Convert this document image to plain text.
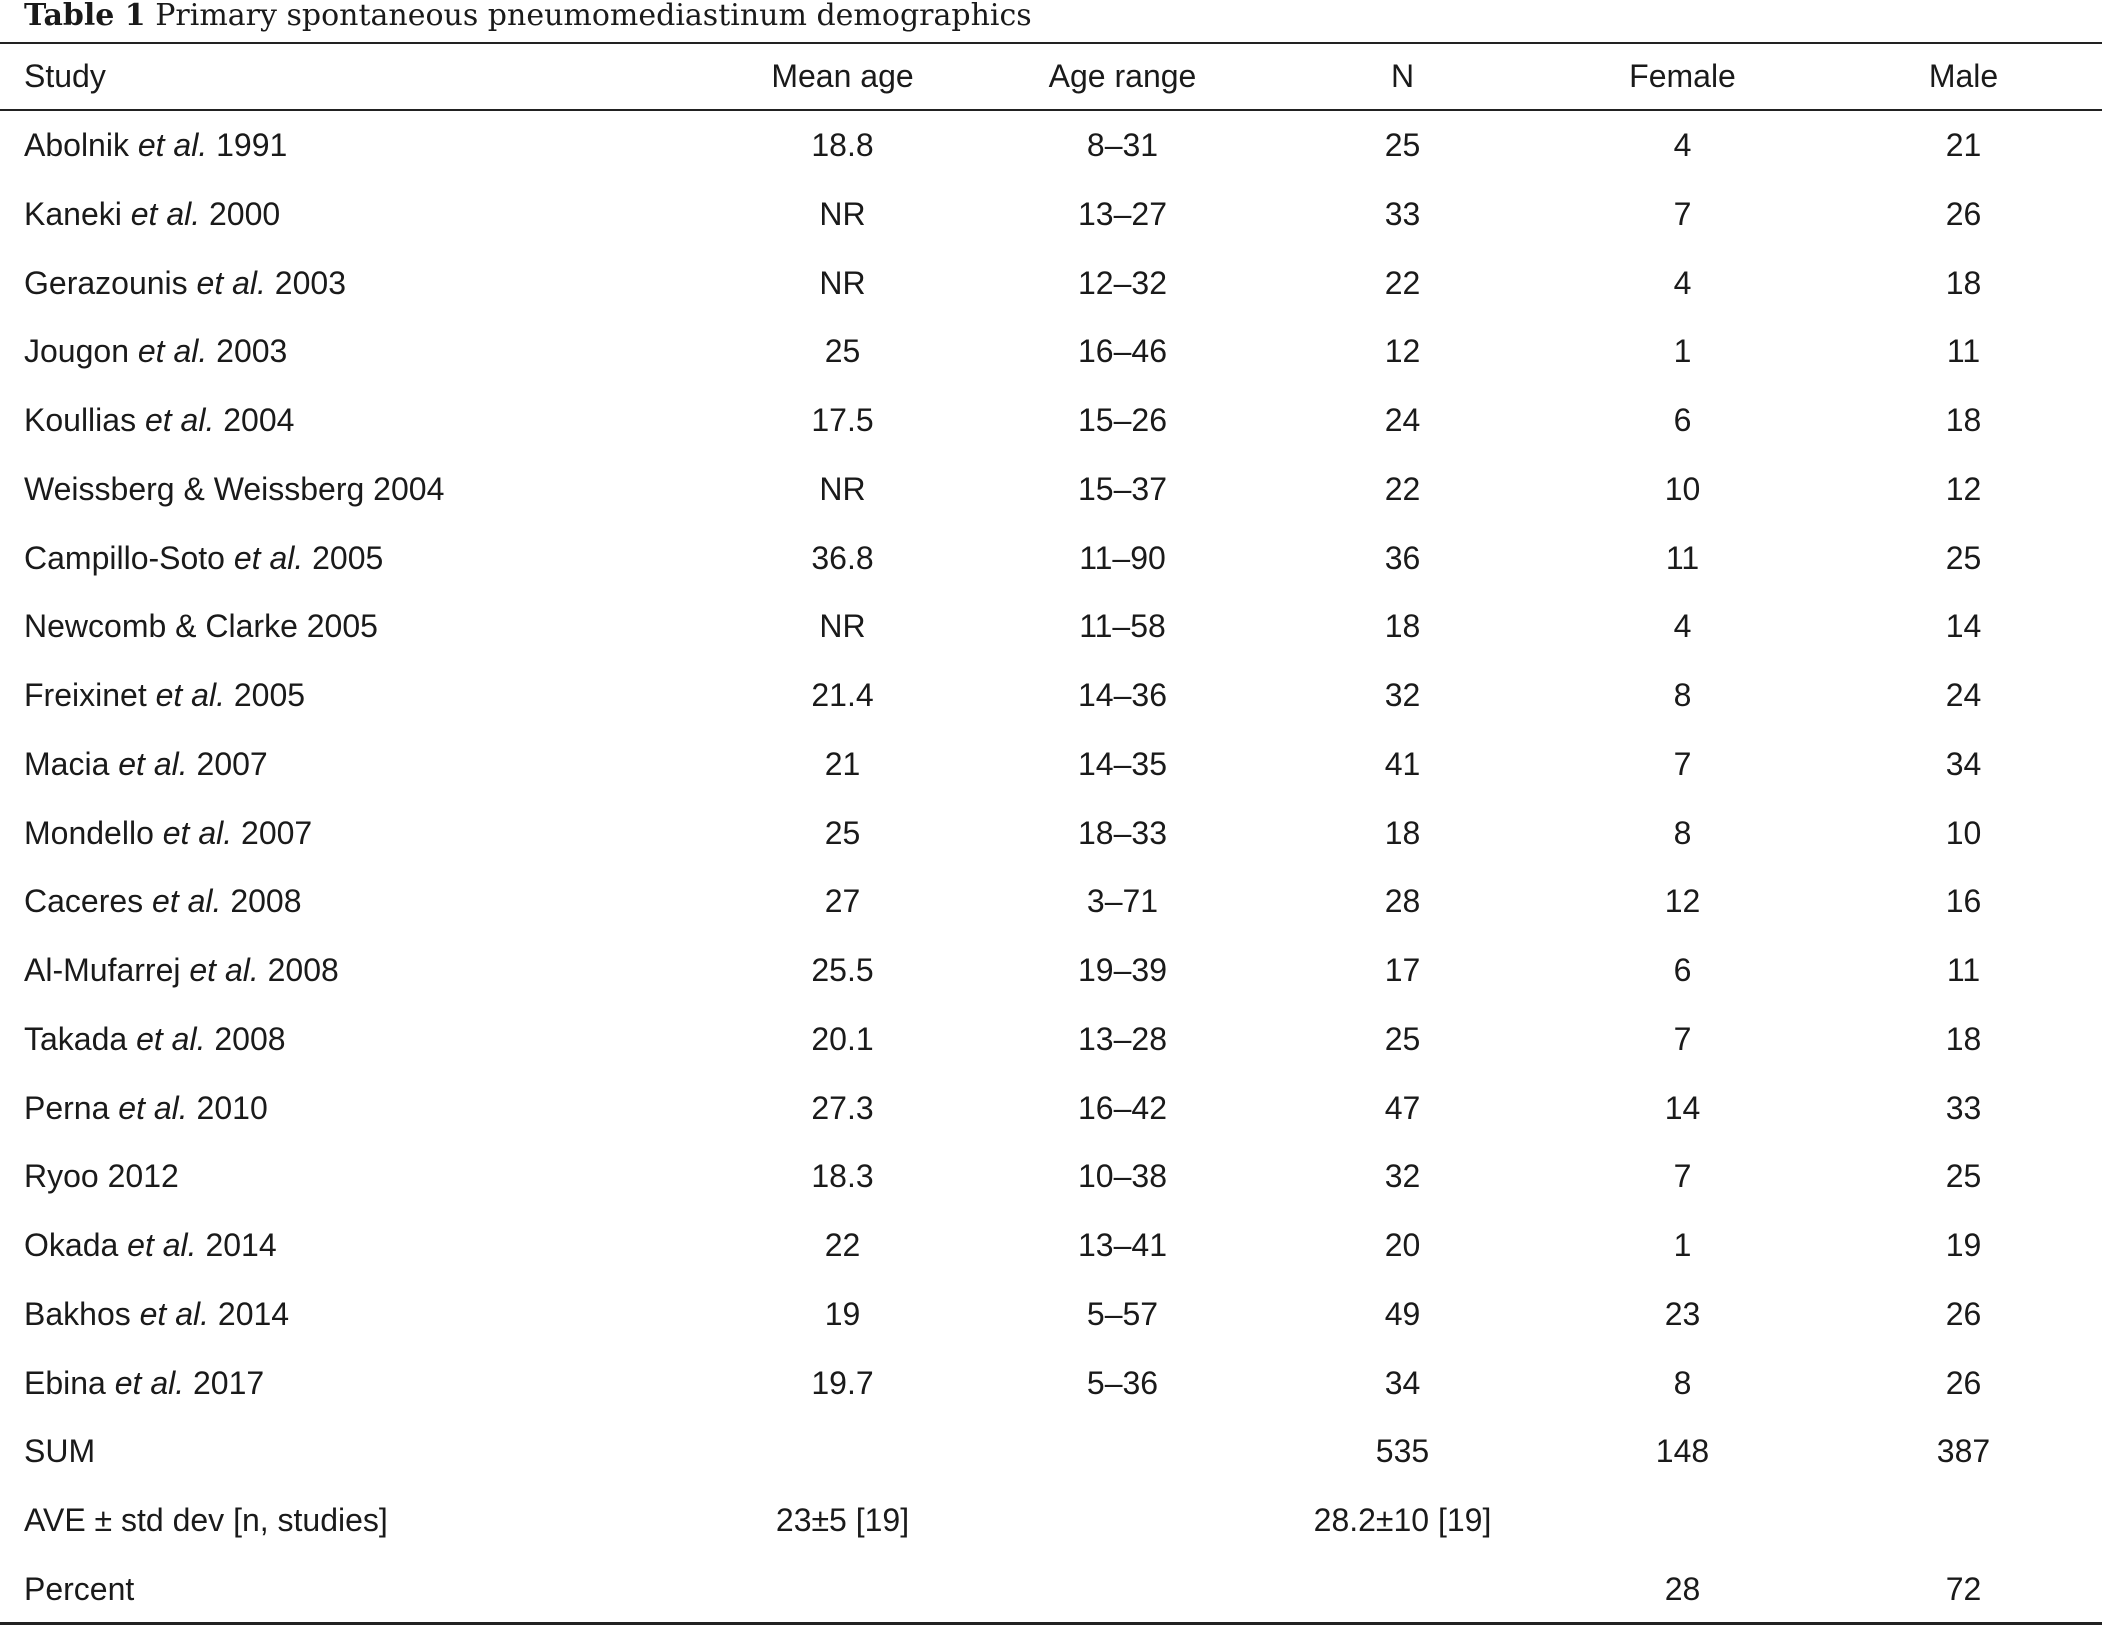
Table 1 Primary spontaneous pneumomediastinum demographics
Study	Mean age	Age range	N	Female	Male
Abolnik et al. 1991	18.8	8–31	25	4	21
Kaneki et al. 2000	NR	13–27	33	7	26
Gerazounis et al. 2003	NR	12–32	22	4	18
Jougon et al. 2003	25	16–46	12	1	11
Koullias et al. 2004	17.5	15–26	24	6	18
Weissberg & Weissberg 2004	NR	15–37	22	10	12
Campillo-Soto et al. 2005	36.8	11–90	36	11	25
Newcomb & Clarke 2005	NR	11–58	18	4	14
Freixinet et al. 2005	21.4	14–36	32	8	24
Macia et al. 2007	21	14–35	41	7	34
Mondello et al. 2007	25	18–33	18	8	10
Caceres et al. 2008	27	3–71	28	12	16
Al-Mufarrej et al. 2008	25.5	19–39	17	6	11
Takada et al. 2008	20.1	13–28	25	7	18
Perna et al. 2010	27.3	16–42	47	14	33
Ryoo 2012	18.3	10–38	32	7	25
Okada et al. 2014	22	13–41	20	1	19
Bakhos et al. 2014	19	5–57	49	23	26
Ebina et al. 2017	19.7	5–36	34	8	26
SUM			535	148	387
AVE ± std dev [n, studies]	23±5 [19]		28.2±10 [19]		
Percent				28	72
